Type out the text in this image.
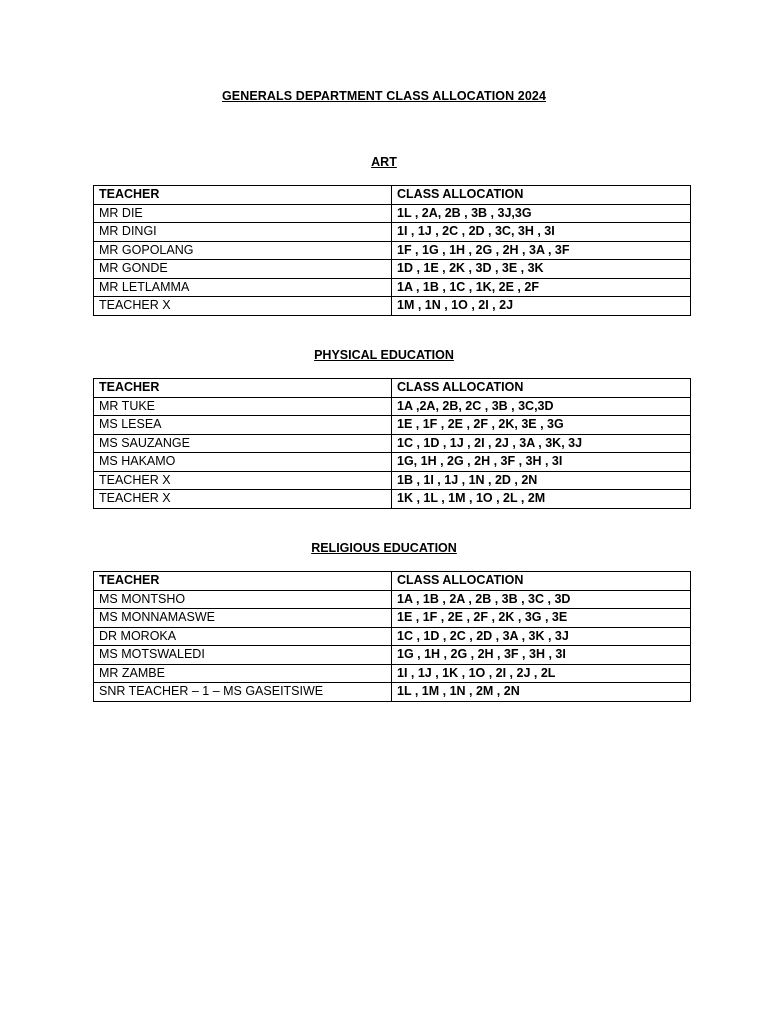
GENERALS DEPARTMENT CLASS ALLOCATION 2024
ART
TEACHER	CLASS ALLOCATION
MR DIE	1L , 2A, 2B , 3B , 3J,3G
MR DINGI	1I , 1J , 2C , 2D , 3C, 3H , 3I
MR GOPOLANG	1F , 1G , 1H , 2G , 2H , 3A , 3F
MR GONDE	1D , 1E , 2K , 3D , 3E , 3K
MR LETLAMMA	1A , 1B , 1C , 1K, 2E , 2F
TEACHER X	1M , 1N , 1O , 2I , 2J
PHYSICAL EDUCATION
TEACHER	CLASS ALLOCATION
MR TUKE	1A ,2A, 2B, 2C , 3B , 3C,3D
MS LESEA	1E , 1F , 2E , 2F , 2K, 3E , 3G
MS SAUZANGE	1C , 1D , 1J , 2I , 2J , 3A , 3K, 3J
MS HAKAMO	1G, 1H , 2G , 2H , 3F , 3H , 3I
TEACHER X	1B , 1I , 1J , 1N , 2D , 2N
TEACHER X	1K , 1L , 1M , 1O , 2L , 2M
RELIGIOUS EDUCATION
TEACHER	CLASS ALLOCATION
MS MONTSHO	1A , 1B , 2A , 2B , 3B , 3C , 3D
MS MONNAMASWE	1E , 1F , 2E , 2F , 2K , 3G , 3E
DR MOROKA	1C , 1D , 2C , 2D , 3A , 3K , 3J
MS MOTSWALEDI	1G , 1H , 2G , 2H , 3F , 3H , 3I
MR ZAMBE	1I , 1J , 1K , 1O , 2I , 2J , 2L
SNR TEACHER – 1 – MS GASEITSIWE	1L , 1M , 1N , 2M , 2N
